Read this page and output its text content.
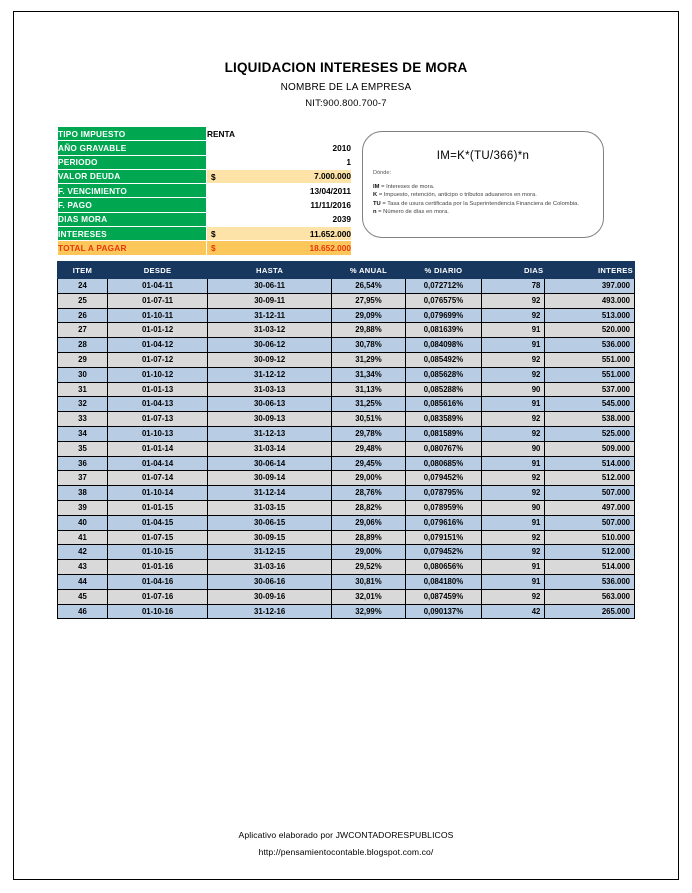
LIQUIDACION INTERESES DE MORA
NOMBRE DE LA EMPRESA
NIT:900.800.700-7
TIPO IMPUESTO	RENTA
AÑO GRAVABLE	2010
PERIODO	1
VALOR DEUDA	$ 7.000.000
F. VENCIMIENTO	13/04/2011
F. PAGO	11/11/2016
DIAS MORA	2039
INTERESES	$ 11.652.000
TOTAL A PAGAR	$ 18.652.000
IM=K*(TU/366)*n
Dónde:
IM = Intereses de mora.
K = Impuesto, retención, anticipo o tributos aduaneros en mora.
TU = Tasa de usura certificada por la Superintendencia Financiera de Colombia.
n = Número de días en mora.
ITEM	DESDE	HASTA	% ANUAL	% DIARIO	DIAS	INTERES
24	01-04-11	30-06-11	26,54%	0,072712%	78	397.000
25	01-07-11	30-09-11	27,95%	0,076575%	92	493.000
26	01-10-11	31-12-11	29,09%	0,079699%	92	513.000
27	01-01-12	31-03-12	29,88%	0,081639%	91	520.000
28	01-04-12	30-06-12	30,78%	0,084098%	91	536.000
29	01-07-12	30-09-12	31,29%	0,085492%	92	551.000
30	01-10-12	31-12-12	31,34%	0,085628%	92	551.000
31	01-01-13	31-03-13	31,13%	0,085288%	90	537.000
32	01-04-13	30-06-13	31,25%	0,085616%	91	545.000
33	01-07-13	30-09-13	30,51%	0,083589%	92	538.000
34	01-10-13	31-12-13	29,78%	0,081589%	92	525.000
35	01-01-14	31-03-14	29,48%	0,080767%	90	509.000
36	01-04-14	30-06-14	29,45%	0,080685%	91	514.000
37	01-07-14	30-09-14	29,00%	0,079452%	92	512.000
38	01-10-14	31-12-14	28,76%	0,078795%	92	507.000
39	01-01-15	31-03-15	28,82%	0,078959%	90	497.000
40	01-04-15	30-06-15	29,06%	0,079616%	91	507.000
41	01-07-15	30-09-15	28,89%	0,079151%	92	510.000
42	01-10-15	31-12-15	29,00%	0,079452%	92	512.000
43	01-01-16	31-03-16	29,52%	0,080656%	91	514.000
44	01-04-16	30-06-16	30,81%	0,084180%	91	536.000
45	01-07-16	30-09-16	32,01%	0,087459%	92	563.000
46	01-10-16	31-12-16	32,99%	0,090137%	42	265.000
Aplicativo elaborado por JWCONTADORESPUBLICOS
http://pensamientocontable.blogspot.com.co/
